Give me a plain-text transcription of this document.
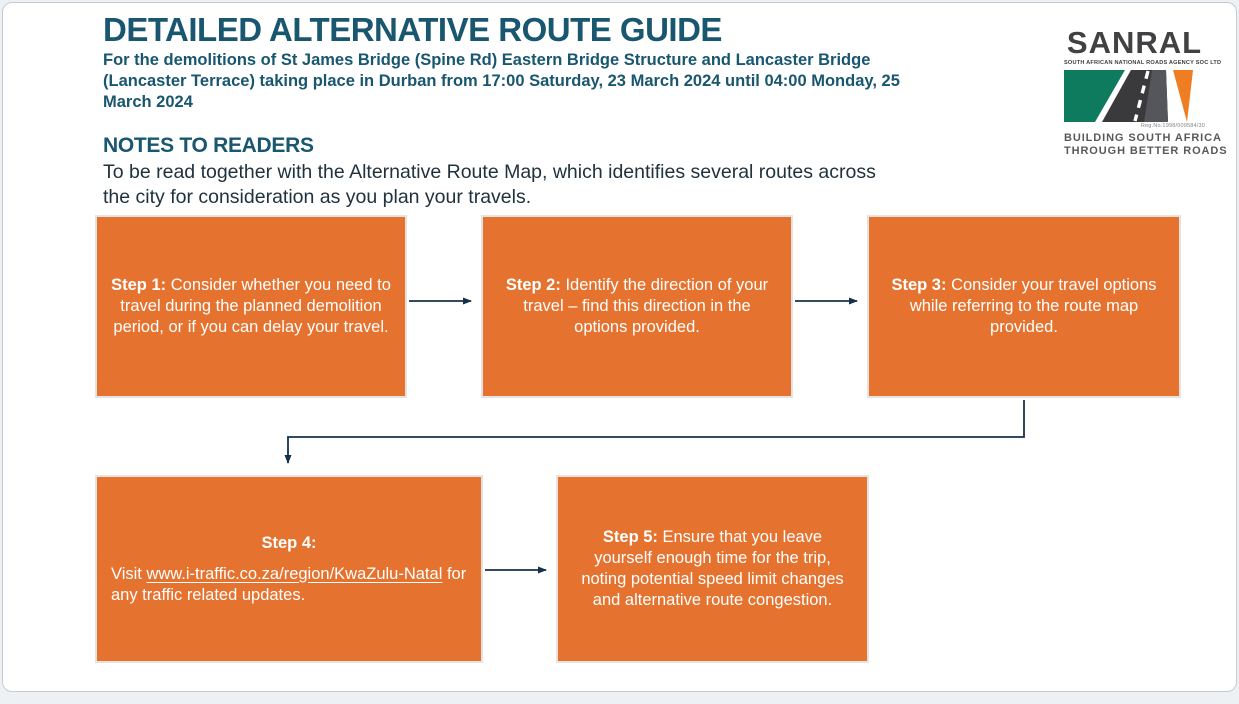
DETAILED ALTERNATIVE ROUTE GUIDE

For the demolitions of St James Bridge (Spine Rd) Eastern Bridge Structure and Lancaster Bridge (Lancaster Terrace) taking place in Durban from 17:00 Saturday, 23 March 2024 until 04:00 Monday, 25 March 2024

SANRAL
SOUTH AFRICAN NATIONAL ROADS AGENCY SOC LTD
Reg.No.1998/009584/30
BUILDING SOUTH AFRICA
THROUGH BETTER ROADS
NOTES TO READERS

To be read together with the Alternative Route Map, which identifies several routes across the city for consideration as you plan your travels.

Step 1: Consider whether you need to travel during the planned demolition period, or if you can delay your travel.

Step 2: Identify the direction of your travel – find this direction in the options provided.

Step 3: Consider your travel options while referring to the route map provided.

Step 4:
Visit www.i-traffic.co.za/region/KwaZulu-Natal for any traffic related updates.

Step 5: Ensure that you leave yourself enough time for the trip, noting potential speed limit changes and alternative route congestion.
